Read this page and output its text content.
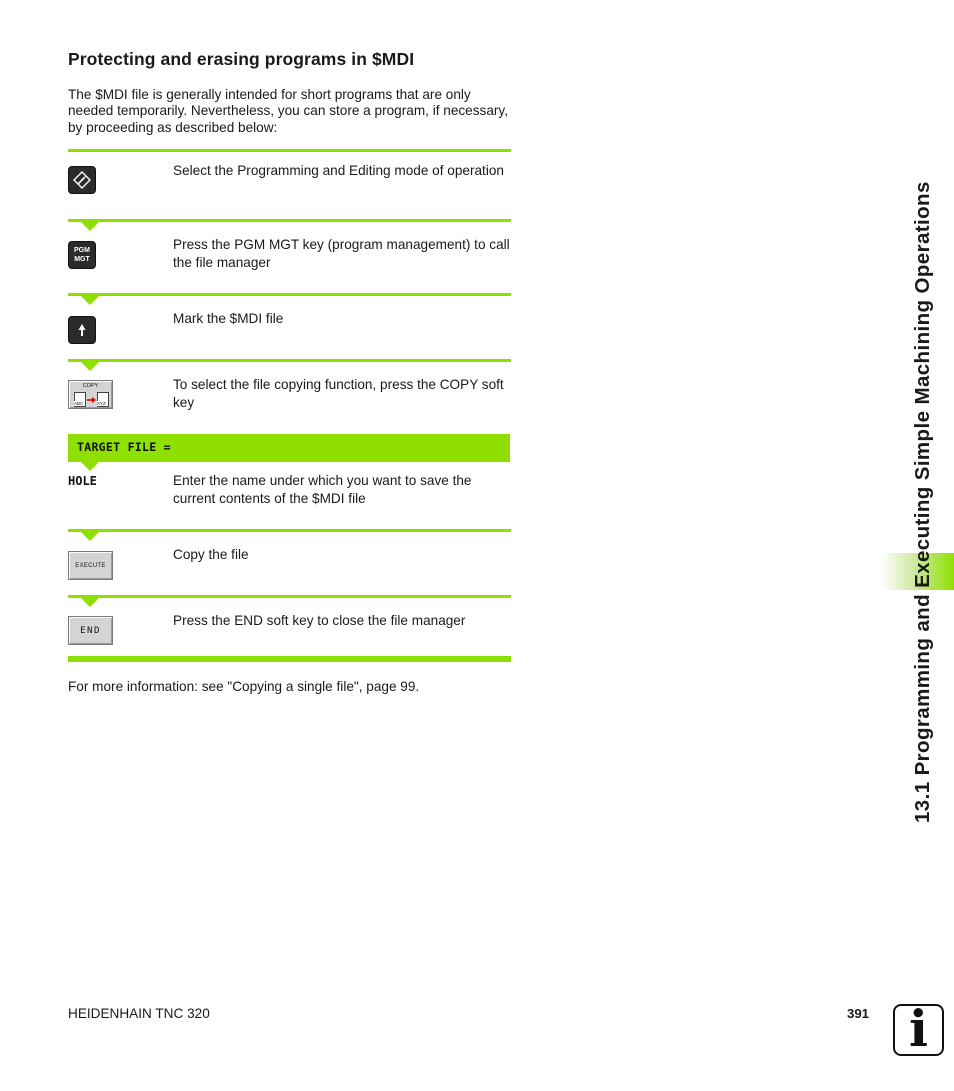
Protecting and erasing programs in $MDI
The $MDI file is generally intended for short programs that are only needed temporarily. Nevertheless, you can store a program, if necessary, by proceeding as described below:
Select the Programming and Editing mode of operation
PGM
MGT
Press the PGM MGT key (program management) to call the file manager
Mark the $MDI file
COPY
ABC	XYZ
To select the file copying function, press the COPY soft key
TARGET FILE =
HOLE	Enter the name under which you want to save the current contents of the $MDI file
EXECUTE
Copy the file
END
Press the END soft key to close the file manager
For more information: see "Copying a single file", page 99.	13.1 Programming and Executing Simple Machining Operations
HEIDENHAIN TNC 320	391 i
